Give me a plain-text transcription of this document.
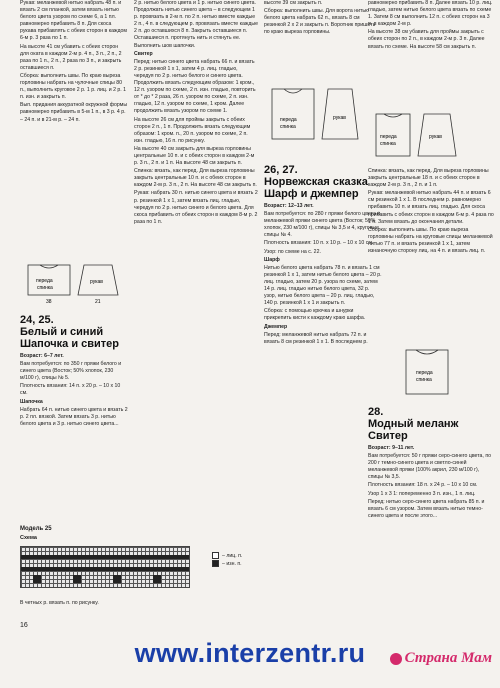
Рукав: меланжевой нитью набрать 48 п. и вязать 2 см планкой, затем вязать нитью белого цвета узором по схеме 6, а 1 пл. равномерно прибавить 8 п. Для скоса рукава прибавлять с обеих сторон в каждом 6-м р. 3 раза по 1 п.

На высоте 41 см убавить с обеих сторон для окатa в каждом 2-м р. 4 п., 3 п., 2 п., 2 раза по 1 п., 2 п., 2 раза по 3 п., и закрыть оставшиеся п.

Сборка: выполнить швы. По краю выреза горловины набрать на чулочные спицы 80 п., выполнить круговое 2 р. 1 р. лиц. и 2 р. 1 п. изн. и закрыть п.

Вып. придания аккуратной окружной формы равномерно прибавить в 5-м 1 п., в 3 р. 4 р. – 24 п. и в 21-м р. – 24 п.

переда
спинка
рукав
38	21
24, 25.
Белый и синий Шапочка и свитер

Возраст: 6–7 лет.

Вам потребуется: по 350 г пряжи белого и синего цвета (Восток; 50% хлопок, 230 м/100 г), спицы № 5.

Плотность вязания: 14 п. х 20 р. – 10 х 10 см.

Шапочка

Набрать 64 п. нитью синего цвета и вязать 2 р. 2 пл. вязкой. Затем вязать 3 р. нитью белого цвета и 3 р. нитью синего цвета...

Модель 25
Схема
– лиц. п.
– изн. п.
В четных р. вязать п. по рисунку.

2 р. нитью белого цвета и 1 р. нитью синего цвета. Продолжать нитью синего цвета – в следующем 1 р. провязать в 2-м п. по 2 п. нитью вместе каждые 2 п., 4 п. в следующем р. провязать вместе каждые 2 п. до оставшихся 8 п. Закрыть оставшиеся п. Оставшиеся п. протянуть нить и стянуть ее. Выполнить шов шапочки.

Свитер

Перед: нитью синего цвета набрать 66 п. и вязать 2 р. резинкой 1 х 1, затем 4 р. лиц. гладью, чередуя по 2 р. нитью белого и синего цвета. Продолжить вязать следующим образом: 1 кром., 12 п. узором по схеме, 2 п. изн. гладью, повторить от * до * 2 раза, 26 п. узором по схеме, 2 п. изн. гладью, 12 п. узором по схеме, 1 кром. Далее продолжить вязать узором по схеме 1.

На высоте 26 см для проймы закрыть с обеих сторон 2 п., 1 п. Продолжить вязать следующим образом: 1 кром. п., 20 п. узором по схеме, 2 п. изн. гладью, 16 п. по рисунку.

На высоте 40 см закрыть для выреза горловины центральные 10 п. и с обеих сторон в каждом 2-м р. 3 п., 2 п. и 1 п. На высоте 48 см закрыть п.

Спинка: вязать, как перед. Для выреза горловины закрыть центральные 10 п. и с обеих сторон в каждом 2-м р. 3 п., 2 п. На высоте 48 см закрыть п.

Рукав: набрать 30 п. нитью синего цвета и вязать 2 р. резинкой 1 х 1, затем вязать лиц. гладью, чередуя по 2 р. нитью синего и белого цвета. Для скоса прибавить от обеих сторон в каждом 8-м р. 2 раза по 1 п.

высоте 39 см закрыть п.

Сборка: выполнить швы. Для ворота нитью белого цвета набрать 62 п., вязать 8 см резинкой 2 х 2 и закрыть п. Воротник пришить по краю выреза горловины.

переда
спинка
рукав
26, 27.
Норвежская сказка Шарф и джемпер

Возраст: 12–13 лет.

Вам потребуется: по 280 г пряжи белого цвета и меланжевой пряжи синего цвета (Восток; 50% хлопок, 230 м/100 г), спицы № 3,5 и 4, круговые спицы № 4.

Плотность вязания: 10 п. х 10 р. – 10 х 10 см.

Узор: по схеме на с. 22.

Шарф

Нитью белого цвета набрать 78 п. и вязать 1 см резинкой 1 х 1, затем нитью белого цвета – 20 р. лиц. гладью, затем 20 р. узора по схеме, затем 14 р. лиц. гладью нитью белого цвета, 32 р. узор, нитью белого цвета – 20 р. лиц. гладью, 140 р. резинкой 1 х 1 и закрыть п.

Сборка: с помощью крючка и шнурки прикрепить кисти к каждому краю шарфа.

Джемпер

Перед: меланжевой нитью набрать 72 п. и вязать 8 см резинкой 1 х 1. В последнем р.

равномерно прибавить 8 п. Далее вязать 10 р. лиц. гладью, затем нитью белого цвета вязать по схеме 1. Затем 8 см выполнить 12 п. с обеих сторон на 3 п. в каждом 2-м р.

На высоте 38 см убавить для проймы закрыть с обеих сторон по 2 п., в каждом 2-м р. 3 п. Далее вязать по схеме. На высоте 58 см закрыть п.

переда
спинка
рукав

Спинка: вязать, как перед. Для выреза горловины закрыть центральные 18 п. и с обеих сторон в каждом 2-м р. 3 п., 2 п. и 1 п.

Рукав: меланжевой нитью набрать 44 п. и вязать 6 см резинкой 1 х 1. В последнем р. равномерно прибавить 10 п. и вязать лиц. гладью. Для скоса прибавить с обеих сторон в каждом 6-м р. 4 раза по 1 п. Затем вязать до окончания детали.

Сборка: выполнить швы. По краю выреза горловины набрать на круговые спицы меланжевой нитью 77 п. и вязать резинкой 1 х 1, затем изнаночную сторону лиц. на 4 п. и вязать лиц. п.

переда
спинка
28.
Модный меланж Свитер

Возраст: 9–11 лет.

Вам потребуется: 50 г пряжи серо-синего цвета, по 200 г темно-синего цвета и светло-синей меланжевой пряжи (100% акрил, 230 м/100 г), спицы № 3,5.

Плотность вязания: 18 п. х 24 р. – 10 х 10 см.

Узор 1 х 3 1: попеременно 3 п. изн., 1 п. лиц.

Перед: нитью серо-синего цвета набрать 85 п. и вязать 6 см узором. Затем вязать нитью темно-синего цвета и после этого...

16
www.interzentr.ru	Страна Мам
